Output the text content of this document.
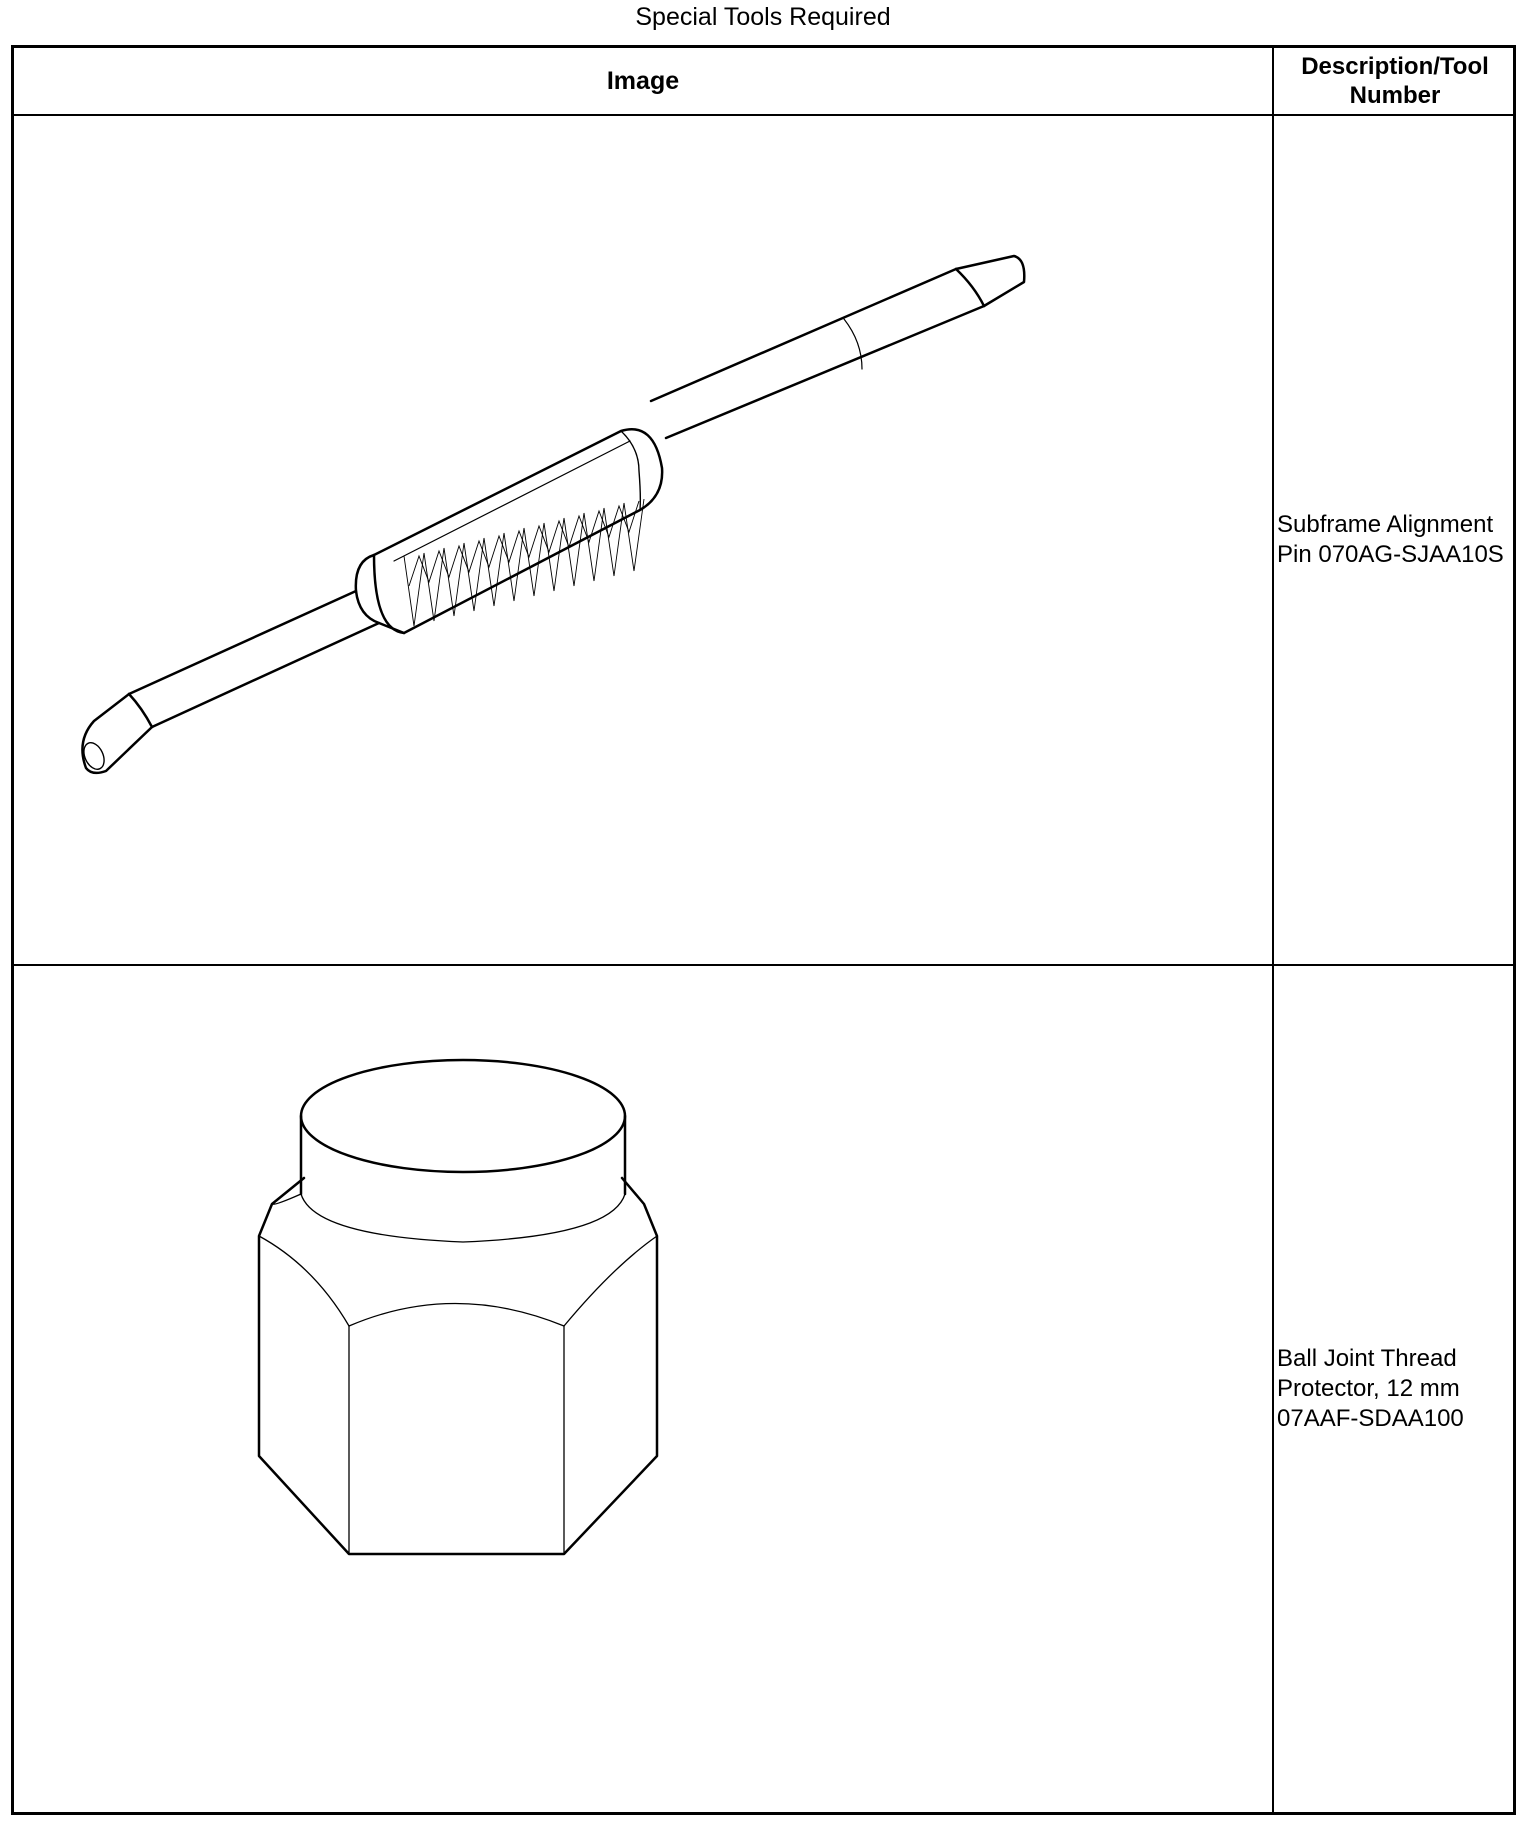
Special Tools Required
Image	Description/Tool
Number
Subframe Alignment
Pin 070AG-SJAA10S
Ball Joint Thread
Protector, 12 mm
07AAF-SDAA100
